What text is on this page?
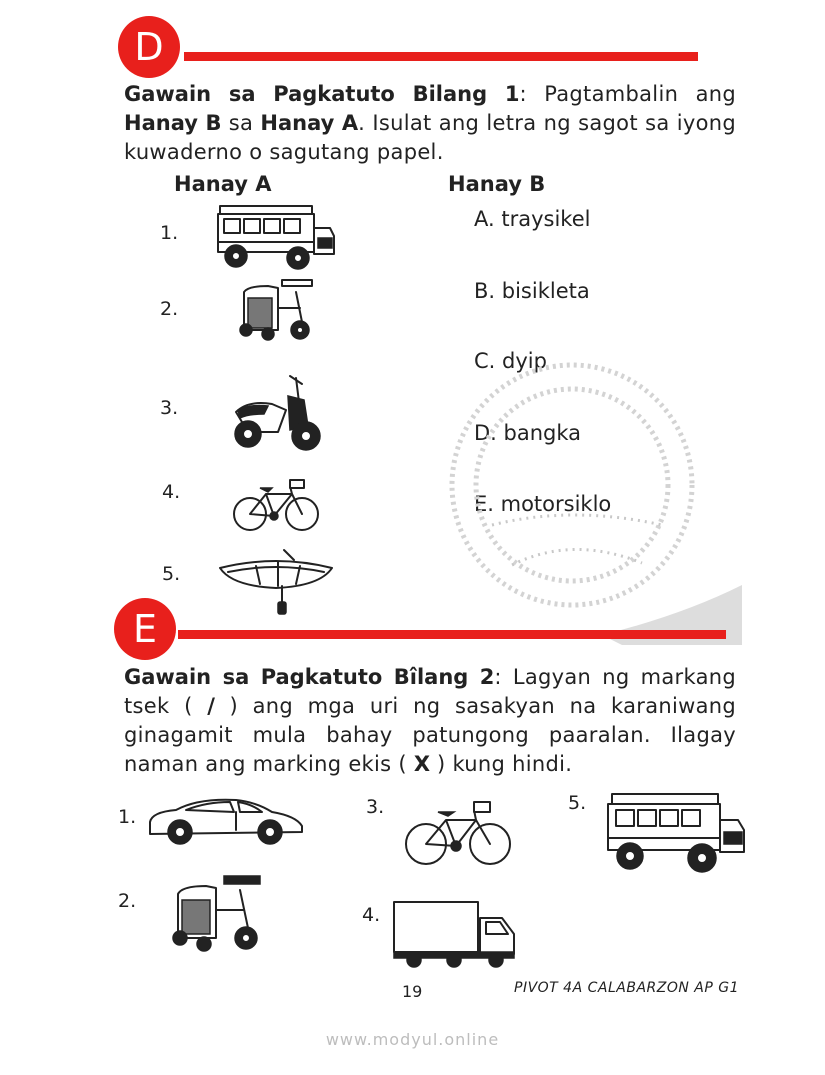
D
Gawain sa Pagkatuto Bilang 1: Pagtambalin ang Hanay B sa Hanay A. Isulat ang letra ng sagot sa iyong kuwaderno o sagutang papel.
Hanay A	Hanay B
1.
2.
3.
4.
5.
A. traysikel
B. bisikleta
C. dyip
D. bangka
E. motorsiklo
E
Gawain sa Pagkatuto Bîlang 2: Lagyan ng markang tsek ( / ) ang mga uri ng sasakyan na karaniwang ginagamit mula bahay patungong paaralan. Ilagay naman ang marking ekis ( X ) kung hindi.
1.
2.
3.
4.
5.
19	PIVOT 4A CALABARZON AP G1
www.modyul.online
